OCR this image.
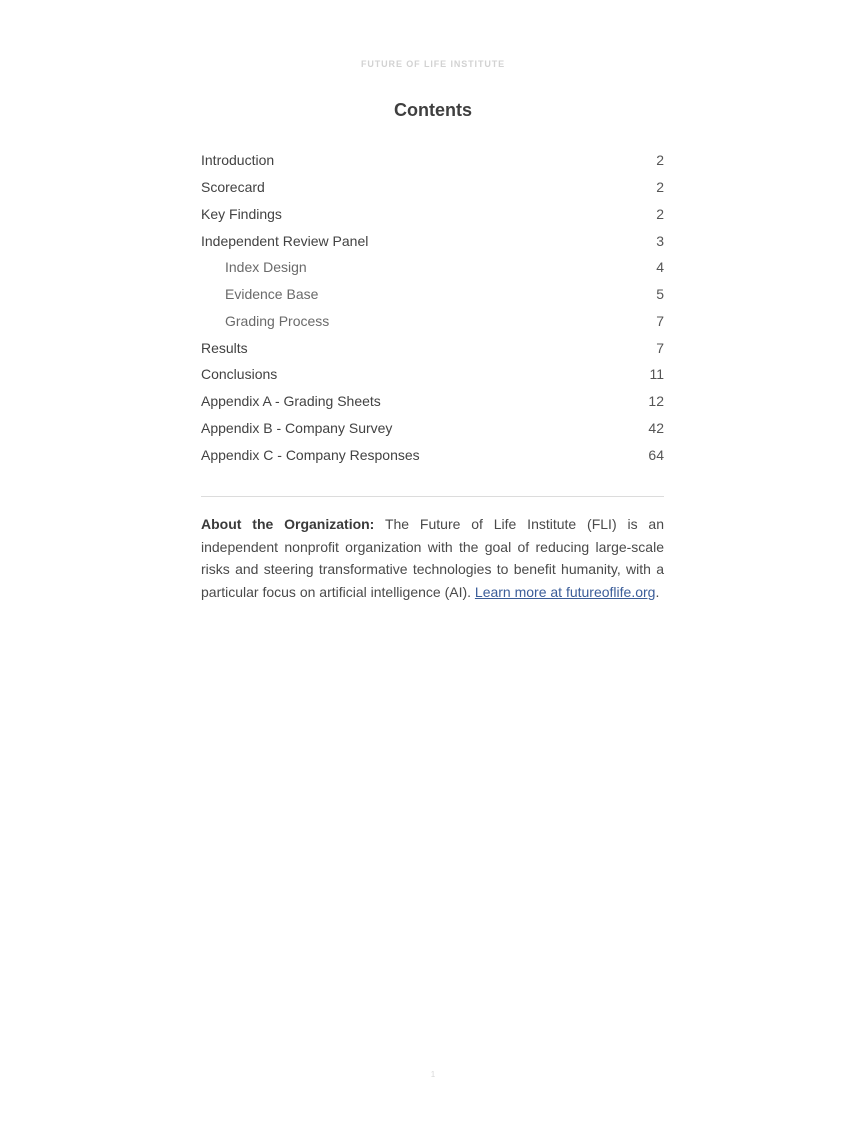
FUTURE OF LIFE INSTITUTE
Contents
Introduction	2
Scorecard	2
Key Findings	2
Independent Review Panel	3
Index Design	4
Evidence Base	5
Grading Process	7
Results	7
Conclusions	11
Appendix A - Grading Sheets	12
Appendix B - Company Survey	42
Appendix C - Company Responses	64

About the Organization: The Future of Life Institute (FLI) is an independent nonprofit organization with the goal of reducing large-scale risks and steering transformative technologies to benefit humanity, with a particular focus on artificial intelligence (AI). Learn more at futureoflife.org.

1
